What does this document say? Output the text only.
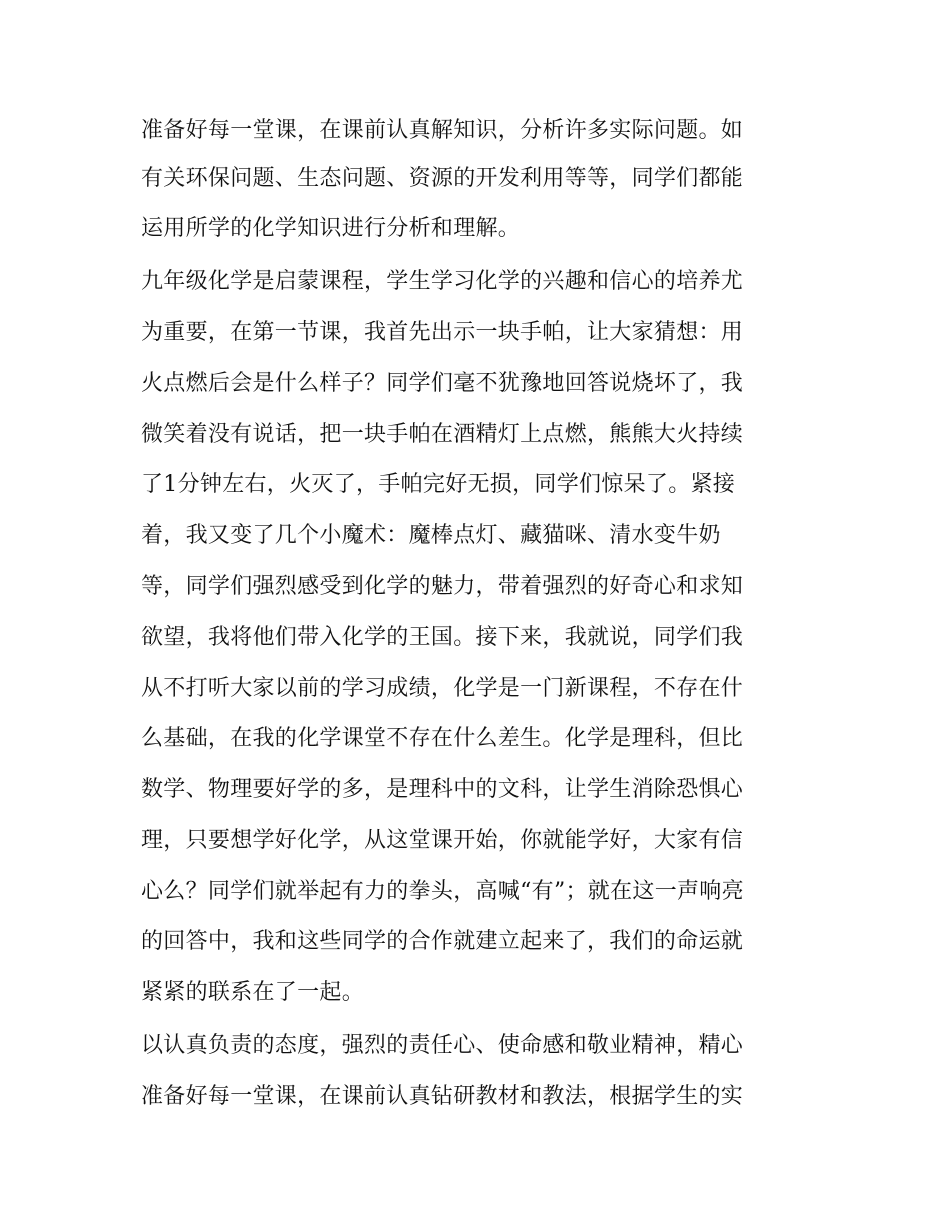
准备好每一堂课，在课前认真解知识，分析许多实际问题。如

有关环保问题、生态问题、资源的开发利用等等，同学们都能

运用所学的化学知识进行分析和理解。

九年级化学是启蒙课程，学生学习化学的兴趣和信心的培养尤

为重要，在第一节课，我首先出示一块手帕，让大家猜想：用

火点燃后会是什么样子？同学们毫不犹豫地回答说烧坏了，我

微笑着没有说话，把一块手帕在酒精灯上点燃，熊熊大火持续

了1分钟左右，火灭了，手帕完好无损，同学们惊呆了。紧接

着，我又变了几个小魔术：魔棒点灯、藏猫咪、清水变牛奶

等，同学们强烈感受到化学的魅力，带着强烈的好奇心和求知

欲望，我将他们带入化学的王国。接下来，我就说，同学们我

从不打听大家以前的学习成绩，化学是一门新课程，不存在什

么基础，在我的化学课堂不存在什么差生。化学是理科，但比

数学、物理要好学的多，是理科中的文科，让学生消除恐惧心

理，只要想学好化学，从这堂课开始，你就能学好，大家有信

心么？同学们就举起有力的拳头，高喊“有”；就在这一声响亮

的回答中，我和这些同学的合作就建立起来了，我们的命运就

紧紧的联系在了一起。

以认真负责的态度，强烈的责任心、使命感和敬业精神，精心

准备好每一堂课，在课前认真钻研教材和教法，根据学生的实
